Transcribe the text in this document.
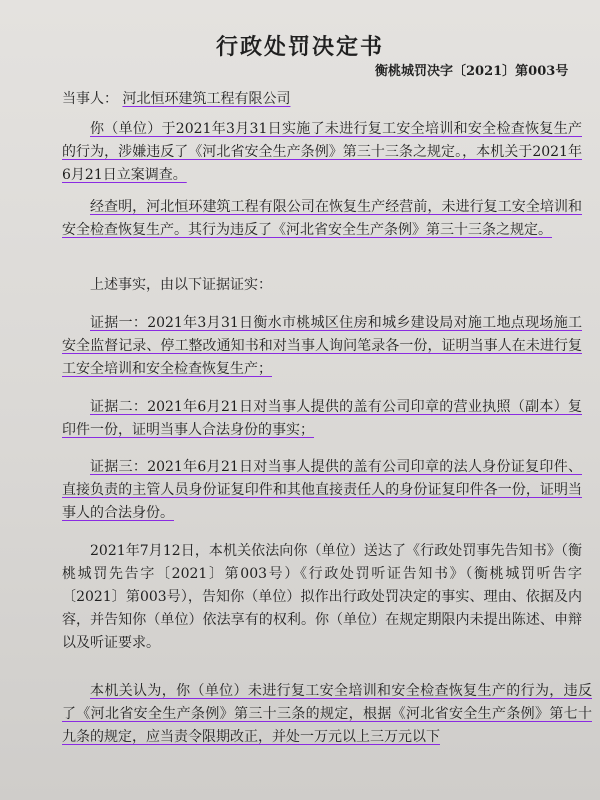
行政处罚决定书
衡桃城罚决字〔2021〕第003号
当事人： 河北恒环建筑工程有限公司
你（单位）于2021年3月31日实施了未进行复工安全培训和安全检查恢复生产的行为，涉嫌违反了《河北省安全生产条例》第三十三条之规定。，本机关于2021年6月21日立案调查。
经查明，河北恒环建筑工程有限公司在恢复生产经营前，未进行复工安全培训和安全检查恢复生产。其行为违反了《河北省安全生产条例》第三十三条之规定。
上述事实，由以下证据证实：
证据一：2021年3月31日衡水市桃城区住房和城乡建设局对施工地点现场施工安全监督记录、停工整改通知书和对当事人询问笔录各一份，证明当事人在未进行复工安全培训和安全检查恢复生产；
证据二：2021年6月21日对当事人提供的盖有公司印章的营业执照（副本）复印件一份，证明当事人合法身份的事实；
证据三：2021年6月21日对当事人提供的盖有公司印章的法人身份证复印件、直接负责的主管人员身份证复印件和其他直接责任人的身份证复印件各一份，证明当事人的合法身份。
2021年7月12日，本机关依法向你（单位）送达了《行政处罚事先告知书》（衡桃城罚先告字〔2021〕第003号）《行政处罚听证告知书》（衡桃城罚听告字〔2021〕第003号），告知你（单位）拟作出行政处罚决定的事实、理由、依据及内容，并告知你（单位）依法享有的权利。你（单位）在规定期限内未提出陈述、申辩以及听证要求。
本机关认为，你（单位）未进行复工安全培训和安全检查恢复生产的行为，违反了《河北省安全生产条例》第三十三条的规定，根据《河北省安全生产条例》第七十九条的规定，应当责令限期改正，并处一万元以上三万元以下
